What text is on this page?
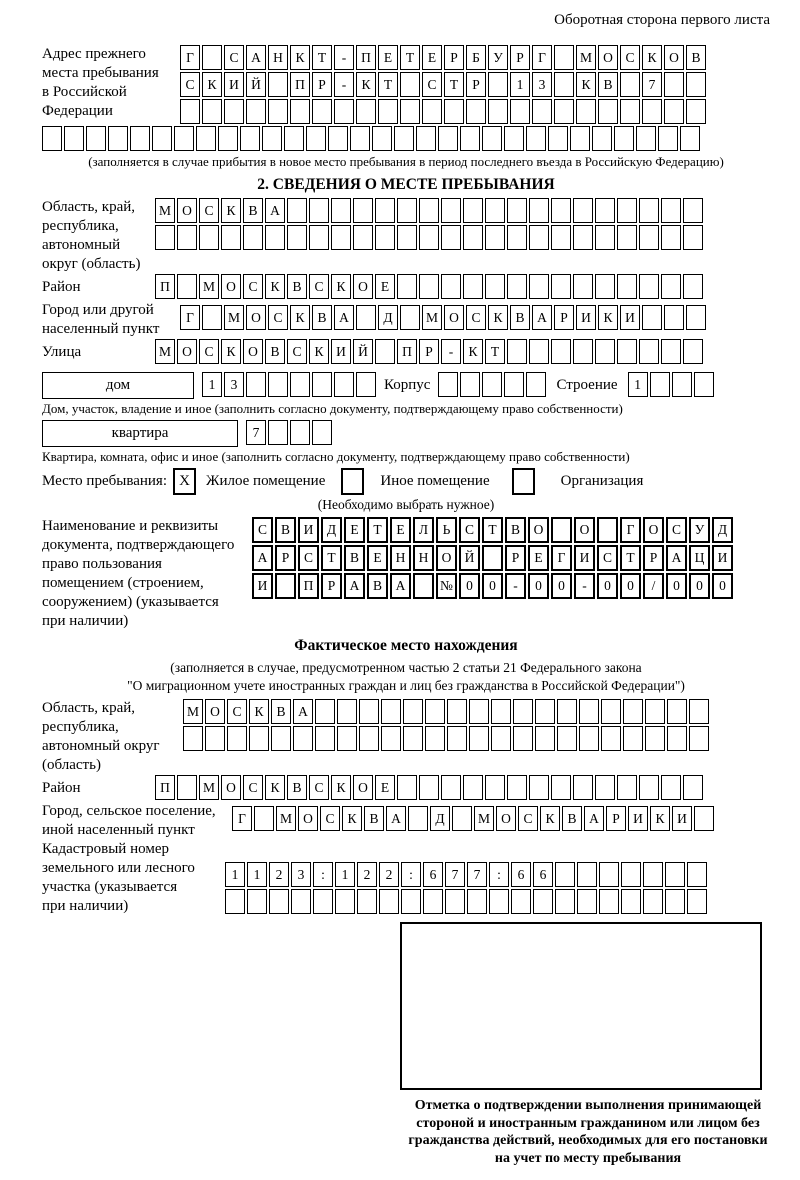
Оборотная сторона первого листа
Адрес прежнего
места пребывания
в Российской
Федерации
Г	С А Н К Т	-	П Е	Т	Е	Р	Б У Р	Г	М О С К О В
С К И Й	П Р	-	К Т	С Т	Р	1	3	К В	7
(заполняется в случае прибытия в новое место пребывания в период последнего въезда в Российскую Федерацию)
2. СВЕДЕНИЯ О МЕСТЕ ПРЕБЫВАНИЯ
Область, край,
республика,
автономный
округ (область)
М О С К В А
Район	П	М О С К В С К О Е
Город или другой
населенный пункт
Г	М О С К В А	Д	М О С К В А Р И К И
Улица	М О С К О В С К И Й	П Р	-	К Т
дом	1	3	Корпус	Строение	1
Дом, участок, владение и иное (заполнить согласно документу, подтверждающему право собственности)
квартира	7
Квартира, комната, офис и иное (заполнить согласно документу, подтверждающему право собственности)
Место пребывания: X	Жилое помещение	Иное помещение	Организация
(Необходимо выбрать нужное)
Наименование и реквизиты
документа, подтверждающего
право пользования
помещением (строением,
сооружением) (указывается
при наличии)
С	В	И	Д	Е	Т	Е	Л	Ь	С	Т	В	О	О	Г	О	С	У	Д
А	Р	С	Т	В	Е	Н Н О Й	Р	Е	Г	И	С	Т	Р	А Ц И
И	П	Р	А	В	А	№ 0	0	-	0	0	-	0	0	/	0	0	0
Фактическое место нахождения
(заполняется в случае, предусмотренном частью 2 статьи 21 Федерального закона
"О миграционном учете иностранных граждан и лиц без гражданства в Российской Федерации")
Область, край,
республика,
автономный округ
(область)
М О С К В А
Район	П	М О С К В С К О Е
Город, сельское поселение,
иной населенный пункт
Г	М О С К В А	Д	М О С К В А Р И К И
Кадастровый номер
земельного или лесного
участка (указывается
при наличии)
1	1	2	3	:	1	2	2	:	6	7	7	:	6	6
Отметка о подтверждении выполнения принимающей
стороной и иностранным гражданином или лицом без
гражданства действий, необходимых для его постановки
на учет по месту пребывания
